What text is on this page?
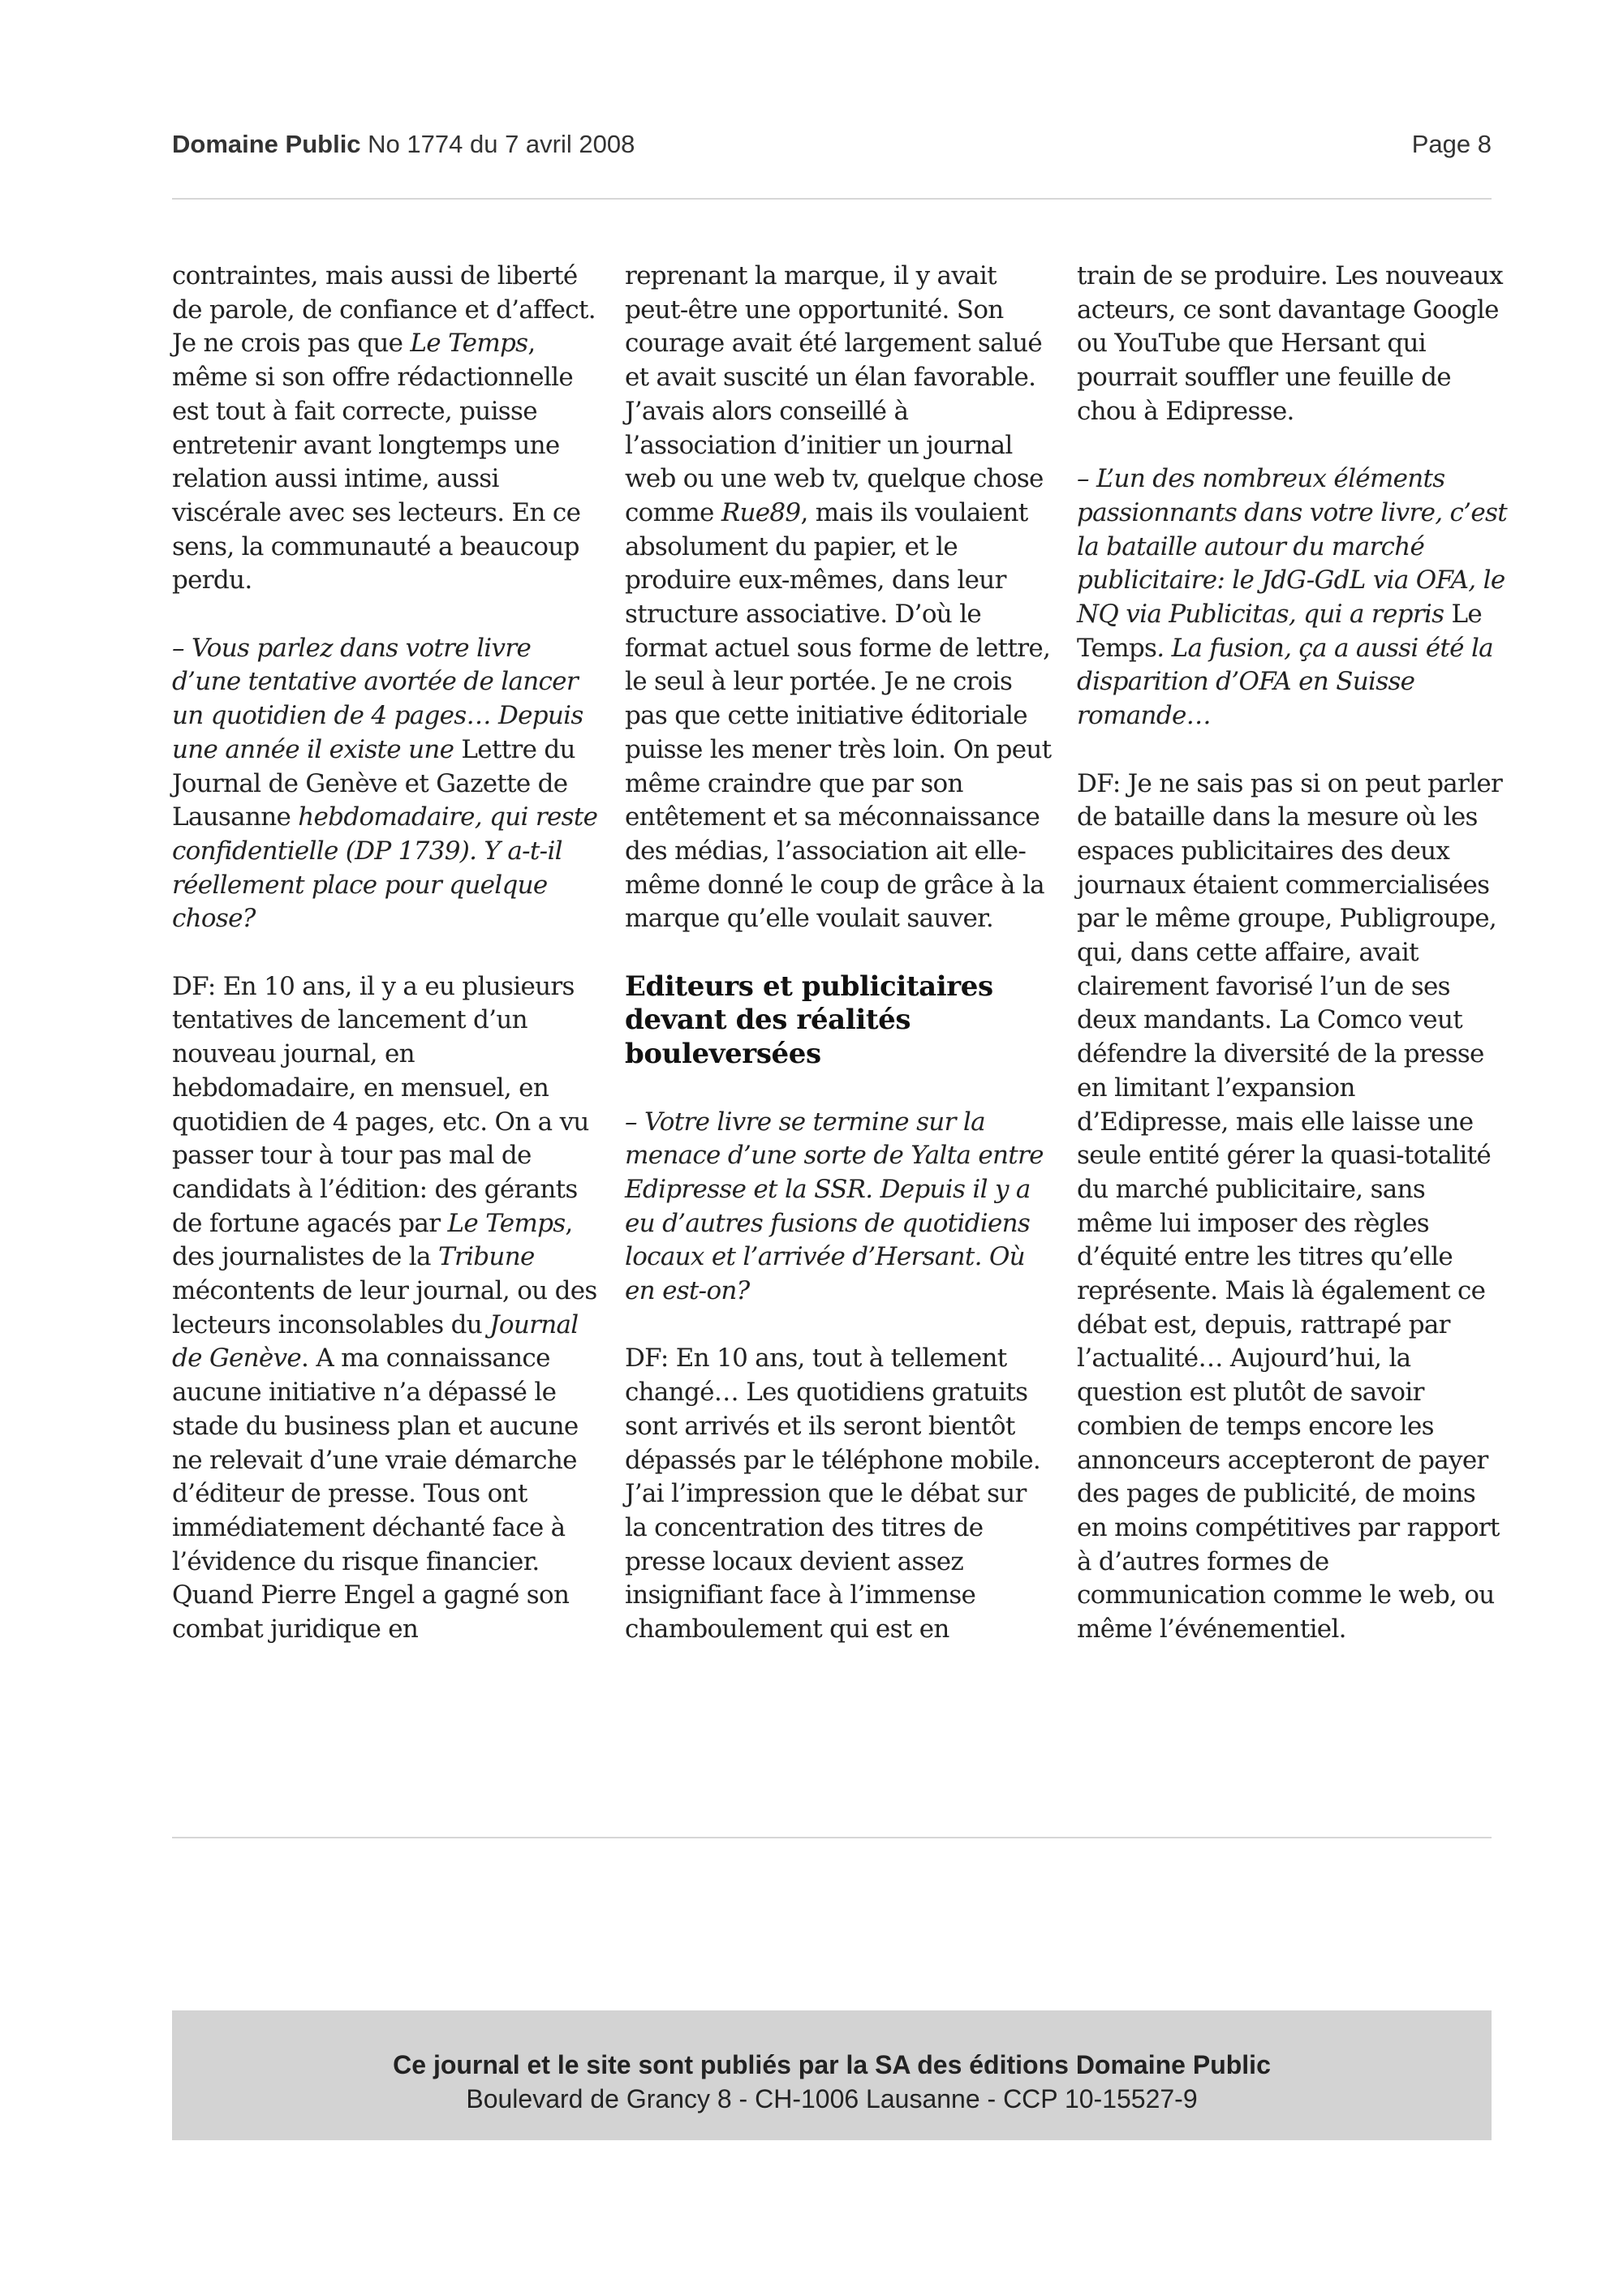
Domaine Public No 1774 du 7 avril 2008	Page 8

contraintes, mais aussi de liberté de parole, de confiance et d’affect. Je ne crois pas que Le Temps, même si son offre rédactionnelle est tout à fait correcte, puisse entretenir avant longtemps une relation aussi intime, aussi viscérale avec ses lecteurs. En ce sens, la communauté a beaucoup perdu.

– Vous parlez dans votre livre d’une tentative avortée de lancer un quotidien de 4 pages… Depuis une année il existe une Lettre du Journal de Genève et Gazette de Lausanne hebdomadaire, qui reste confidentielle (DP 1739). Y a-t-il réellement place pour quelque chose?

DF: En 10 ans, il y a eu plusieurs tentatives de lancement d’un nouveau journal, en hebdomadaire, en mensuel, en quotidien de 4 pages, etc. On a vu passer tour à tour pas mal de candidats à l’édition: des gérants de fortune agacés par Le Temps, des journalistes de la Tribune mécontents de leur journal, ou des lecteurs inconsolables du Journal de Genève. A ma connaissance aucune initiative n’a dépassé le stade du business plan et aucune ne relevait d’une vraie démarche d’éditeur de presse. Tous ont immédiatement déchanté face à l’évidence du risque financier. Quand Pierre Engel a gagné son combat juridique en

reprenant la marque, il y avait peut-être une opportunité. Son courage avait été largement salué et avait suscité un élan favorable. J’avais alors conseillé à l’association d’initier un journal web ou une web tv, quelque chose comme Rue89, mais ils voulaient absolument du papier, et le produire eux-mêmes, dans leur structure associative. D’où le format actuel sous forme de lettre, le seul à leur portée. Je ne crois pas que cette initiative éditoriale puisse les mener très loin. On peut même craindre que par son entêtement et sa méconnaissance des médias, l’association ait elle-même donné le coup de grâce à la marque qu’elle voulait sauver.

Editeurs et publicitaires devant des réalités bouleversées

– Votre livre se termine sur la menace d’une sorte de Yalta entre Edipresse et la SSR. Depuis il y a eu d’autres fusions de quotidiens locaux et l’arrivée d’Hersant. Où en est-on?

DF: En 10 ans, tout à tellement changé… Les quotidiens gratuits sont arrivés et ils seront bientôt dépassés par le téléphone mobile. J’ai l’impression que le débat sur la concentration des titres de presse locaux devient assez insignifiant face à l’immense chamboulement qui est en

train de se produire. Les nouveaux acteurs, ce sont davantage Google ou YouTube que Hersant qui pourrait souffler une feuille de chou à Edipresse.

– L’un des nombreux éléments passionnants dans votre livre, c’est la bataille autour du marché publicitaire: le JdG-GdL via OFA, le NQ via Publicitas, qui a repris Le Temps. La fusion, ça a aussi été la disparition d’OFA en Suisse romande…

DF: Je ne sais pas si on peut parler de bataille dans la mesure où les espaces publicitaires des deux journaux étaient commercialisées par le même groupe, Publigroupe, qui, dans cette affaire, avait clairement favorisé l’un de ses deux mandants. La Comco veut défendre la diversité de la presse en limitant l’expansion d’Edipresse, mais elle laisse une seule entité gérer la quasi-totalité du marché publicitaire, sans même lui imposer des règles d’équité entre les titres qu’elle représente. Mais là également ce débat est, depuis, rattrapé par l’actualité… Aujourd’hui, la question est plutôt de savoir combien de temps encore les annonceurs accepteront de payer des pages de publicité, de moins en moins compétitives par rapport à d’autres formes de communication comme le web, ou même l’événementiel.

Ce journal et le site sont publiés par la SA des éditions Domaine Public
Boulevard de Grancy 8 - CH-1006 Lausanne - CCP 10-15527-9
